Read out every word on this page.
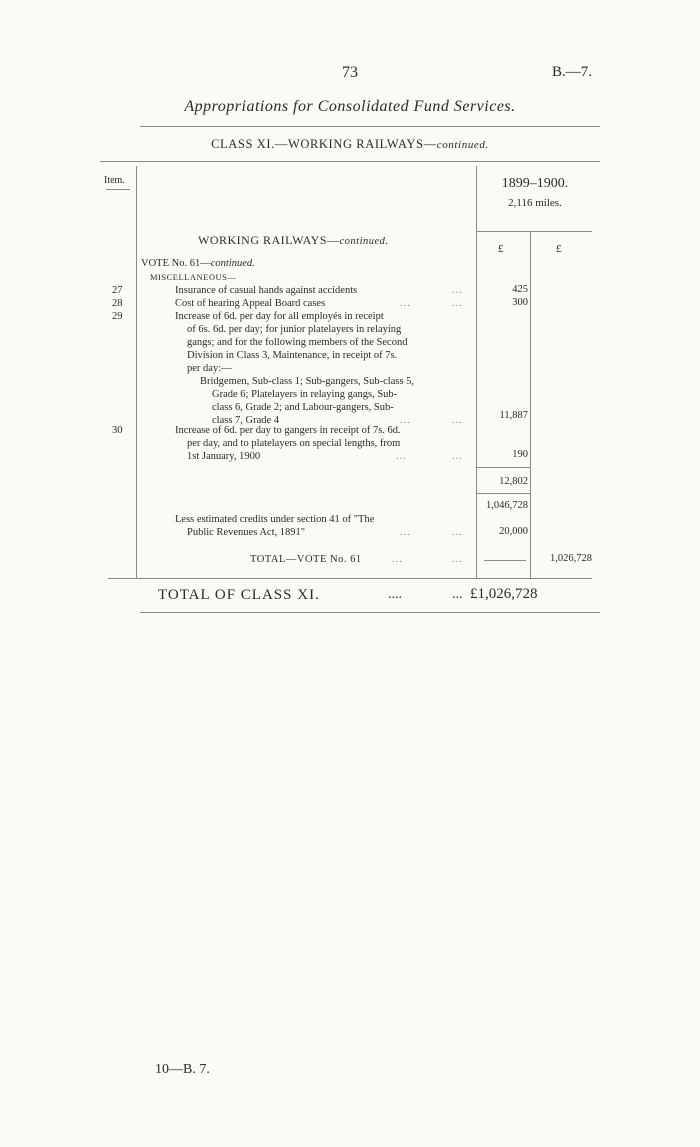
73	B.—7.
Appropriations for Consolidated Fund Services.
CLASS XI.—WORKING RAILWAYS—continued.
Item.	1899–1900.
2,116 miles.
WORKING RAILWAYS—continued.
£	£
VOTE No. 61—continued.
MISCELLANEOUS—
27	Insurance of casual hands against accidents	...	425
28	Cost of hearing Appeal Board cases	...	...	300
29	Increase of 6d. per day for all employés in receipt
of 6s. 6d. per day; for junior platelayers in relaying
gangs; and for the following members of the Second
Division in Class 3, Maintenance, in receipt of 7s.
per day:—
Bridgemen, Sub-class 1; Sub-gangers, Sub-class 5,
Grade 6; Platelayers in relaying gangs, Sub-
class 6, Grade 2; and Labour-gangers, Sub-
class 7, Grade 4	...	...	11,887
30	Increase of 6d. per day to gangers in receipt of 7s. 6d.
per day, and to platelayers on special lengths, from
1st January, 1900	...	...	190
12,802
1,046,728
Less estimated credits under section 41 of "The
Public Revenues Act, 1891"	...	...	20,000
TOTAL—VOTE No. 61	...	...	1,026,728
TOTAL OF CLASS XI.	....	... £1,026,728
10—B. 7.
